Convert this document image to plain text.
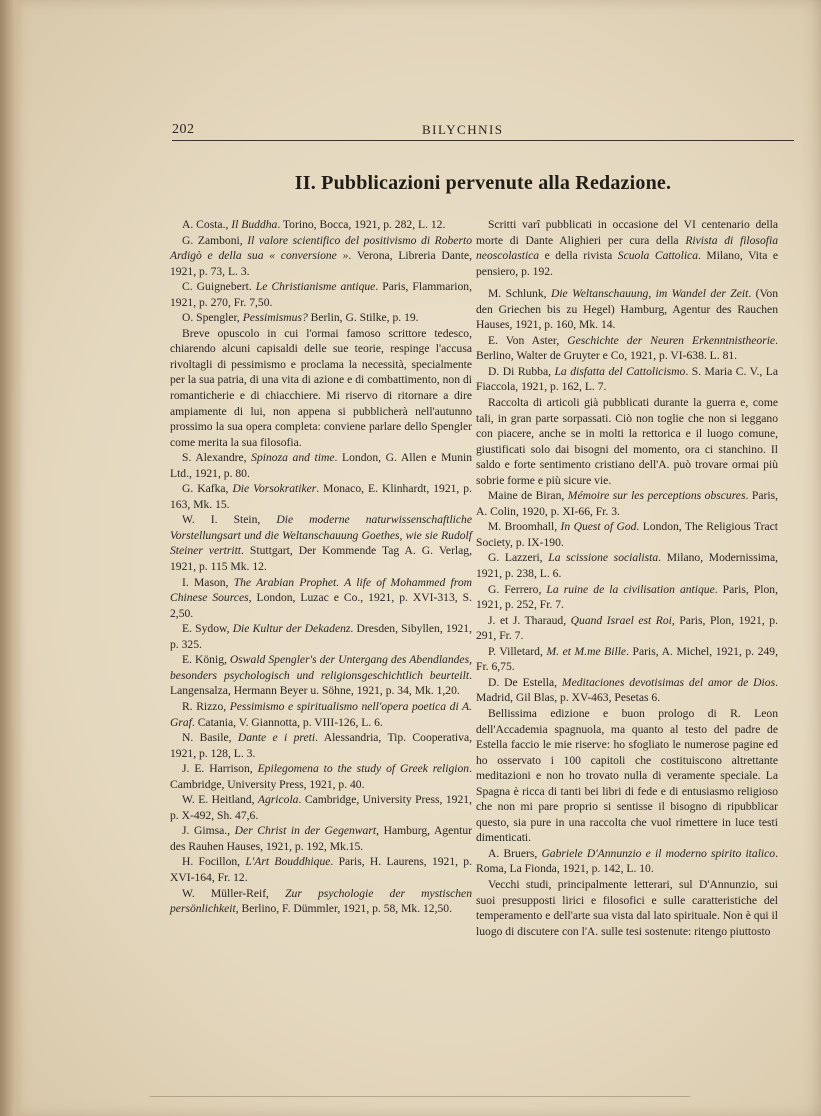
202	BILYCHNIS
II. Pubblicazioni pervenute alla Redazione.

A. Costa., Il Buddha. Torino, Bocca, 1921, p. 282, L. 12.

G. Zamboni, Il valore scientifico del positivismo di Roberto Ardigò e della sua « conversione ». Verona, Libreria Dante, 1921, p. 73, L. 3.

C. Guignebert. Le Christianisme antique. Paris, Flammarion, 1921, p. 270, Fr. 7,50.

O. Spengler, Pessimismus? Berlin, G. Stilke, p. 19.

Breve opuscolo in cui l'ormai famoso scrittore tedesco, chiarendo alcuni capisaldi delle sue teorie, respinge l'accusa rivoltagli di pessimismo e proclama la necessità, specialmente per la sua patria, di una vita di azione e di combattimento, non di romanticherie e di chiacchiere. Mi riservo di ritornare a dire ampiamente di lui, non appena si pubblicherà nell'autunno prossimo la sua opera completa: conviene parlare dello Spengler come merita la sua filosofia.

S. Alexandre, Spinoza and time. London, G. Allen e Munin Ltd., 1921, p. 80.

G. Kafka, Die Vorsokratiker. Monaco, E. Klinhardt, 1921, p. 163, Mk. 15.

W. I. Stein, Die moderne naturwissenschaftliche Vorstellungsart und die Weltanschauung Goethes, wie sie Rudolf Steiner vertritt. Stuttgart, Der Kommende Tag A. G. Verlag, 1921, p. 115 Mk. 12.

I. Mason, The Arabian Prophet. A life of Mohammed from Chinese Sources, London, Luzac e Co., 1921, p. XVI-313, S. 2,50.

E. Sydow, Die Kultur der Dekadenz. Dresden, Sibyllen, 1921, p. 325.

E. König, Oswald Spengler's der Untergang des Abendlandes, besonders psychologisch und religionsgeschichtlich beurteilt. Langensalza, Hermann Beyer u. Söhne, 1921, p. 34, Mk. 1,20.

R. Rizzo, Pessimismo e spiritualismo nell'opera poetica di A. Graf. Catania, V. Giannotta, p. VIII-126, L. 6.

N. Basile, Dante e i preti. Alessandria, Tip. Cooperativa, 1921, p. 128, L. 3.

J. E. Harrison, Epilegomena to the study of Greek religion. Cambridge, University Press, 1921, p. 40.

W. E. Heitland, Agricola. Cambridge, University Press, 1921, p. X-492, Sh. 47,6.

J. Gimsa., Der Christ in der Gegenwart, Hamburg, Agentur des Rauhen Hauses, 1921, p. 192, Mk.15.

H. Focillon, L'Art Bouddhique. Paris, H. Laurens, 1921, p. XVI-164, Fr. 12.

W. Müller-Reif, Zur psychologie der mystischen persönlichkeit, Berlino, F. Dümmler, 1921, p. 58, Mk. 12,50.

Scritti varî pubblicati in occasione del VI centenario della morte di Dante Alighieri per cura della Rivista di filosofia neoscolastica e della rivista Scuola Cattolica. Milano, Vita e pensiero, p. 192.

M. Schlunk, Die Weltanschauung, im Wandel der Zeit. (Von den Griechen bis zu Hegel) Hamburg, Agentur des Rauchen Hauses, 1921, p. 160, Mk. 14.

E. Von Aster, Geschichte der Neuren Erkenntnistheorie. Berlino, Walter de Gruyter e Co, 1921, p. VI-638. L. 81.

D. Di Rubba, La disfatta del Cattolicismo. S. Maria C. V., La Fiaccola, 1921, p. 162, L. 7.

Raccolta di articoli già pubblicati durante la guerra e, come tali, in gran parte sorpassati. Ciò non toglie che non si leggano con piacere, anche se in molti la rettorica e il luogo comune, giustificati solo dai bisogni del momento, ora ci stanchino. Il saldo e forte sentimento cristiano dell'A. può trovare ormai più sobrie forme e più sicure vie.

Maine de Biran, Mémoire sur les perceptions obscures. Paris, A. Colin, 1920, p. XI-66, Fr. 3.

M. Broomhall, In Quest of God. London, The Religious Tract Society, p. IX-190.

G. Lazzeri, La scissione socialista. Milano, Modernissima, 1921, p. 238, L. 6.

G. Ferrero, La ruine de la civilisation antique. Paris, Plon, 1921, p. 252, Fr. 7.

J. et J. Tharaud, Quand Israel est Roi, Paris, Plon, 1921, p. 291, Fr. 7.

P. Villetard, M. et M.me Bille. Paris, A. Michel, 1921, p. 249, Fr. 6,75.

D. De Estella, Meditaciones devotisimas del amor de Dios. Madrid, Gil Blas, p. XV-463, Pesetas 6.

Bellissima edizione e buon prologo di R. Leon dell'Accademia spagnuola, ma quanto al testo del padre de Estella faccio le mie riserve: ho sfogliato le numerose pagine ed ho osservato i 100 capitoli che costituiscono altrettante meditazioni e non ho trovato nulla di veramente speciale. La Spagna è ricca di tanti bei libri di fede e di entusiasmo religioso che non mi pare proprio si sentisse il bisogno di ripubblicar questo, sia pure in una raccolta che vuol rimettere in luce testi dimenticati.

A. Bruers, Gabriele D'Annunzio e il moderno spirito italico. Roma, La Fionda, 1921, p. 142, L. 10.

Vecchi studi, principalmente letterari, sul D'Annunzio, sui suoi presupposti lirici e filosofici e sulle caratteristiche del temperamento e dell'arte sua vista dal lato spirituale. Non è qui il luogo di discutere con l'A. sulle tesi sostenute: ritengo piuttosto
